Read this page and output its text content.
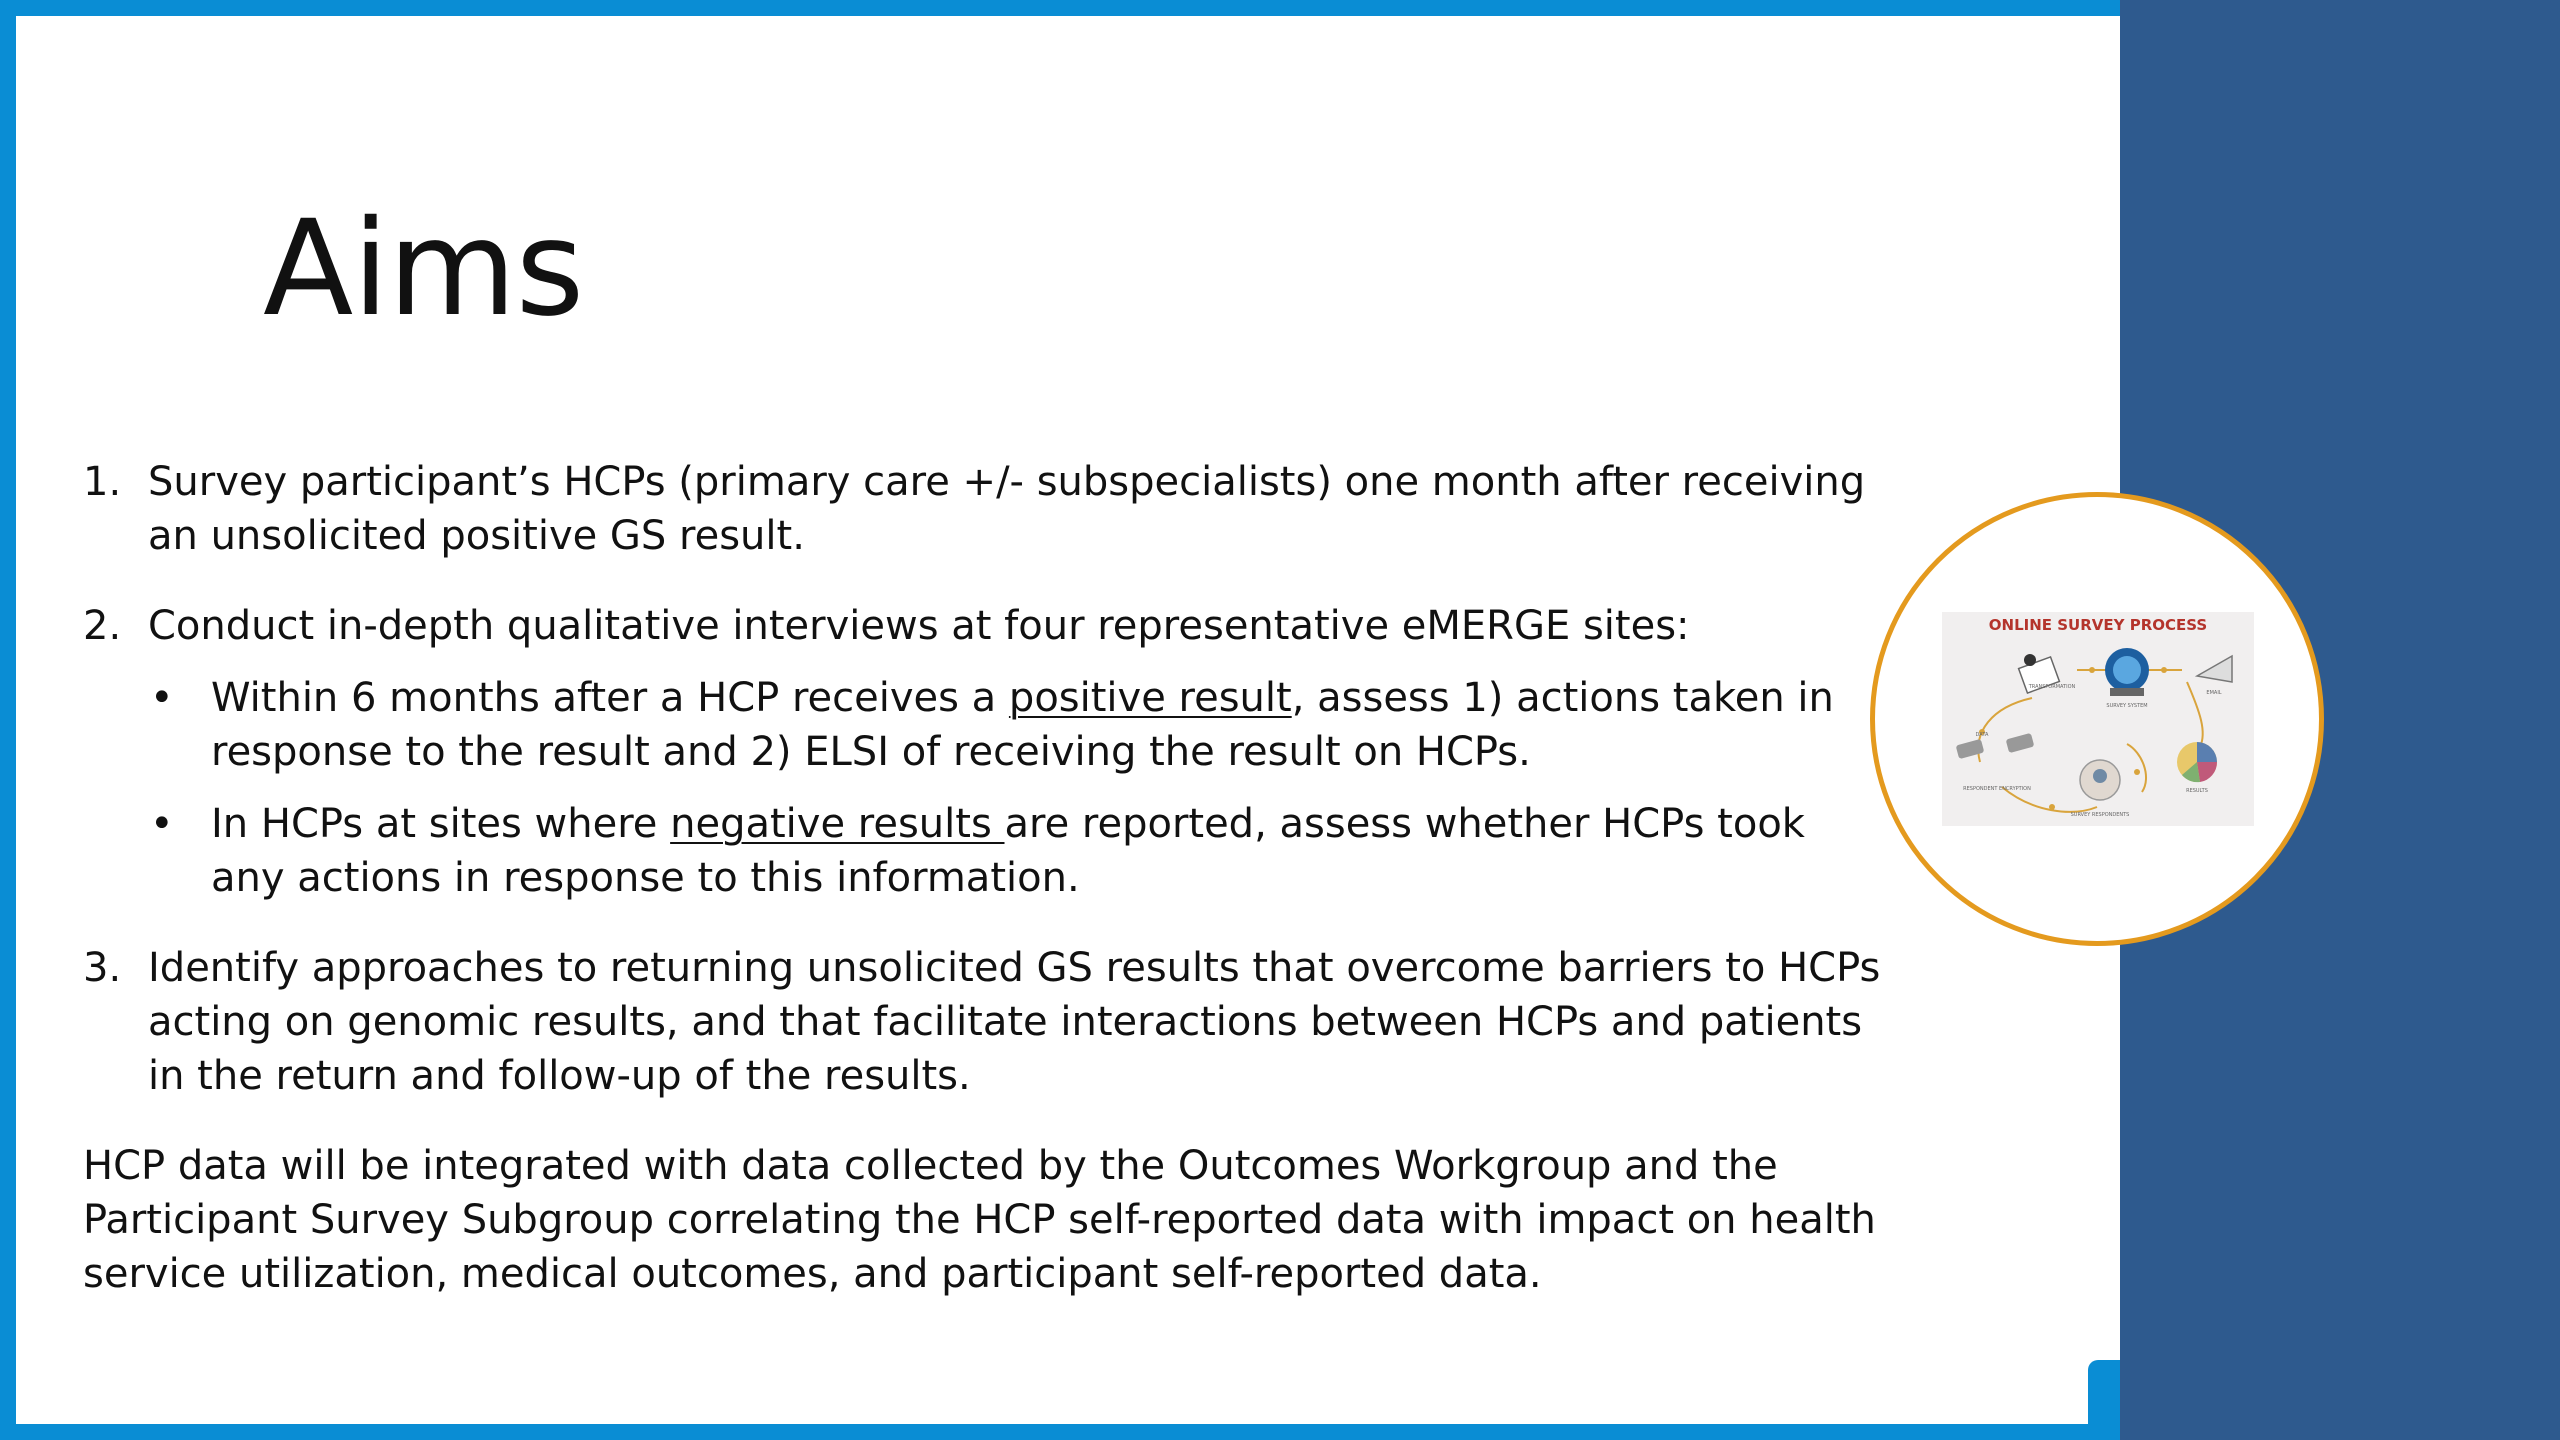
Aims
1. Survey participant’s HCPs (primary care +/- subspecialists) one month after receiving an unsolicited positive GS result.
2. Conduct in-depth qualitative interviews at four representative eMERGE sites:
• Within 6 months after a HCP receives a positive result, assess 1) actions taken in response to the result and 2) ELSI of receiving the result on HCPs.
• In HCPs at sites where negative results are reported, assess whether HCPs took any actions in response to this information.
3. Identify approaches to returning unsolicited GS results that overcome barriers to HCPs acting on genomic results, and that facilitate interactions between HCPs and patients in the return and follow-up of the results.
HCP data will be integrated with data collected by the Outcomes Workgroup and the Participant Survey Subgroup correlating the HCP self-reported data with impact on health service utilization, medical outcomes, and participant self-reported data.
ONLINE SURVEY PROCESS
SURVEY SYSTEM
TRANSFORMATION
DATA
EMAIL
RESULTS
SURVEY RESPONDENTS
RESPONDENT ENCRYPTION
